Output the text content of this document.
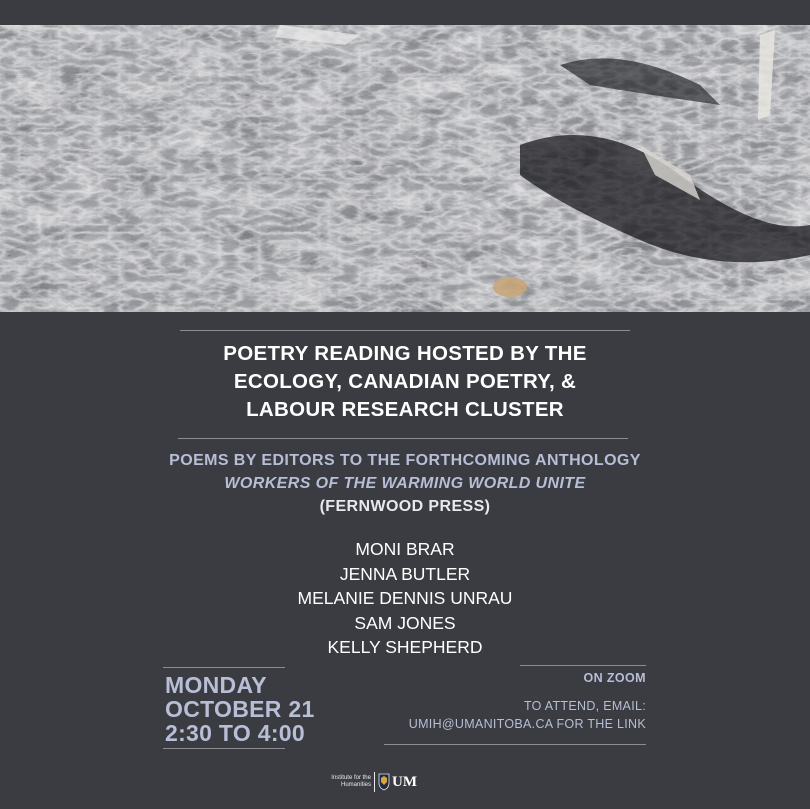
POETRY READING HOSTED BY THE
ECOLOGY, CANADIAN POETRY, &
LABOUR RESEARCH CLUSTER
POEMS BY EDITORS TO THE FORTHCOMING ANTHOLOGY
WORKERS OF THE WARMING WORLD UNITE
(FERNWOOD PRESS)
MONI BRAR
JENNA BUTLER
MELANIE DENNIS UNRAU
SAM JONES
KELLY SHEPHERD
MONDAY
OCTOBER 21
2:30 TO 4:00
ON ZOOM
TO ATTEND, EMAIL:
UMIH@UMANITOBA.CA FOR THE LINK
Institute for the
Humanities UM
